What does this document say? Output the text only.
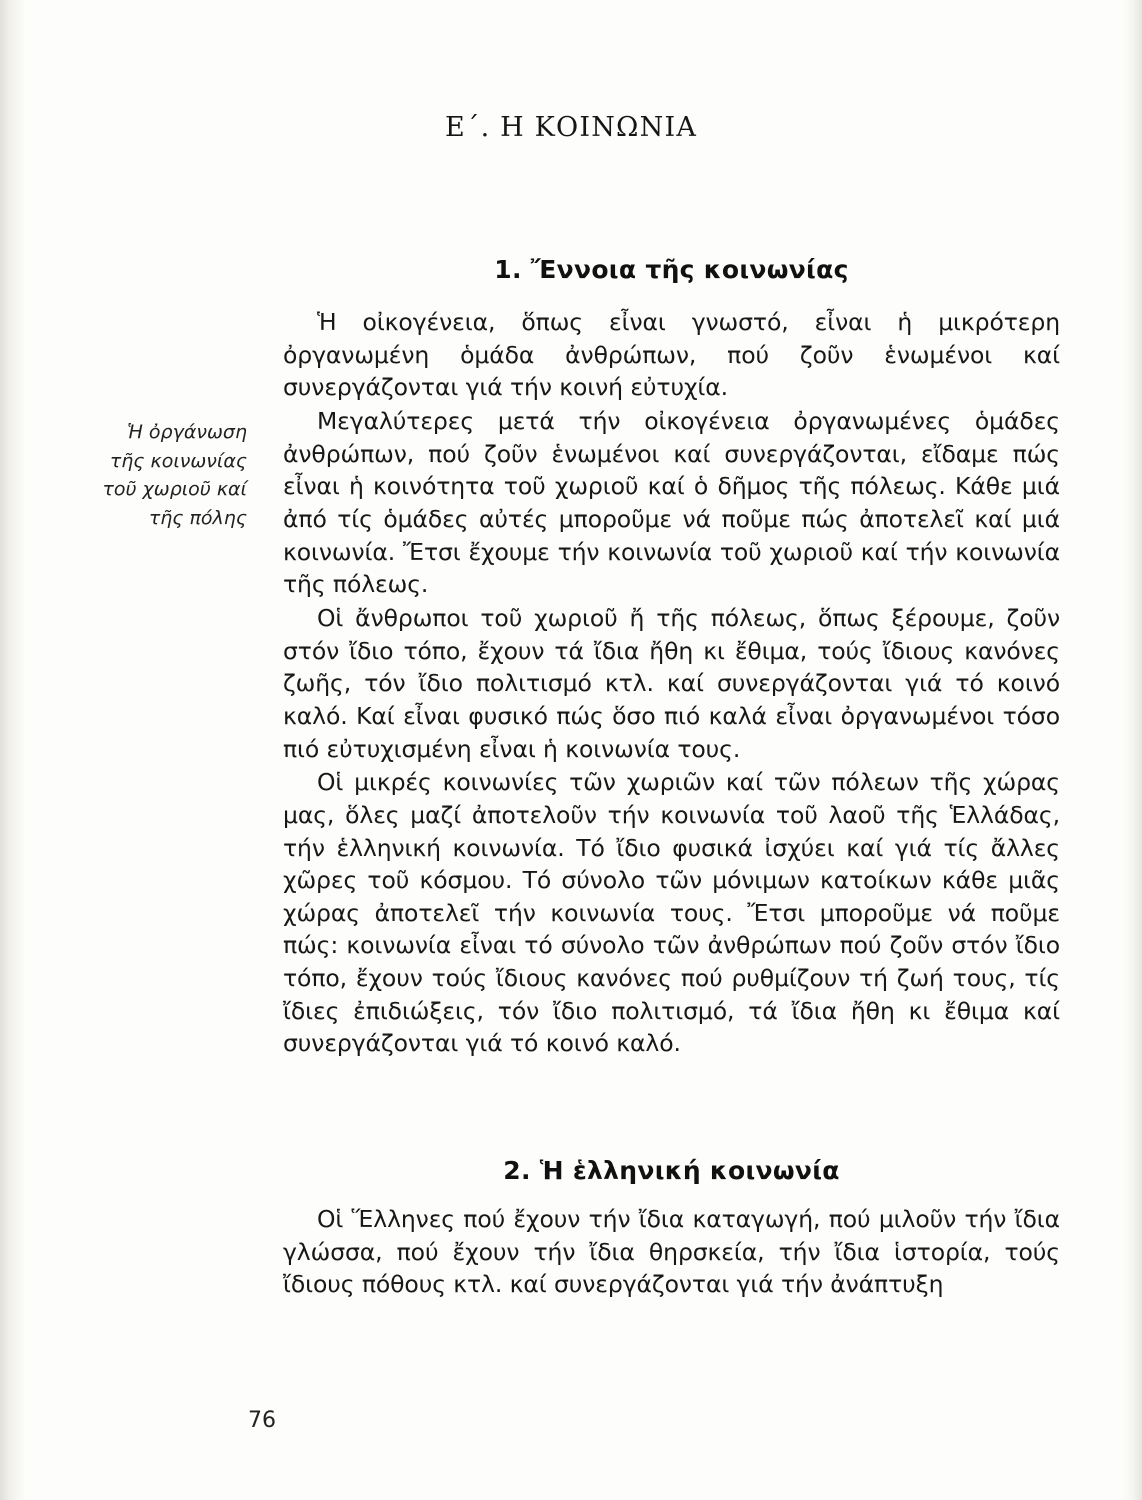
Ε΄. Η ΚΟΙΝΩΝΙΑ
Ἡ ὀργάνωση τῆς κοινωνίας τοῦ χωριοῦ καί τῆς πόλης
1. Ἔννοια τῆς κοινωνίας

Ἡ οἰκογένεια, ὅπως εἶναι γνωστό, εἶναι ἡ μικρότερη ὀργανωμένη ὁμάδα ἀνθρώπων, πού ζοῦν ἑνωμένοι καί συνεργάζονται γιά τήν κοινή εὐτυχία.

Μεγαλύτερες μετά τήν οἰκογένεια ὀργανωμένες ὁμάδες ἀνθρώπων, πού ζοῦν ἑνωμένοι καί συνεργάζονται, εἴδαμε πώς εἶναι ἡ κοινότητα τοῦ χωριοῦ καί ὁ δῆμος τῆς πόλεως. Κάθε μιά ἀπό τίς ὁμάδες αὐτές μποροῦμε νά ποῦμε πώς ἀποτελεῖ καί μιά κοινωνία. Ἔτσι ἔχουμε τήν κοινωνία τοῦ χωριοῦ καί τήν κοινωνία τῆς πόλεως.

Οἱ ἄνθρωποι τοῦ χωριοῦ ἤ τῆς πόλεως, ὅπως ξέρουμε, ζοῦν στόν ἴδιο τόπο, ἔχουν τά ἴδια ἤθη κι ἔθιμα, τούς ἴδιους κανόνες ζωῆς, τόν ἴδιο πολιτισμό κτλ. καί συνεργάζονται γιά τό κοινό καλό. Καί εἶναι φυσικό πώς ὅσο πιό καλά εἶναι ὀργανωμένοι τόσο πιό εὐτυχισμένη εἶναι ἡ κοινωνία τους.

Οἱ μικρές κοινωνίες τῶν χωριῶν καί τῶν πόλεων τῆς χώρας μας, ὅλες μαζί ἀποτελοῦν τήν κοινωνία τοῦ λαοῦ τῆς Ἑλλάδας, τήν ἑλληνική κοινωνία. Τό ἴδιο φυσικά ἰσχύει καί γιά τίς ἄλλες χῶρες τοῦ κόσμου. Τό σύνολο τῶν μόνιμων κατοίκων κάθε μιᾶς χώρας ἀποτελεῖ τήν κοινωνία τους. Ἔτσι μποροῦμε νά ποῦμε πώς: κοινωνία εἶναι τό σύνολο τῶν ἀνθρώπων πού ζοῦν στόν ἴδιο τόπο, ἔχουν τούς ἴδιους κανόνες πού ρυθμίζουν τή ζωή τους, τίς ἴδιες ἐπιδιώξεις, τόν ἴδιο πολιτισμό, τά ἴδια ἤθη κι ἔθιμα καί συνεργάζονται γιά τό κοινό καλό.

2. Ἡ ἑλληνική κοινωνία

Οἱ Ἕλληνες πού ἔχουν τήν ἴδια καταγωγή, πού μιλοῦν τήν ἴδια γλώσσα, πού ἔχουν τήν ἴδια θηρσκεία, τήν ἴδια ἱστορία, τούς ἴδιους πόθους κτλ. καί συνεργάζονται γιά τήν ἀνάπτυξη

76
